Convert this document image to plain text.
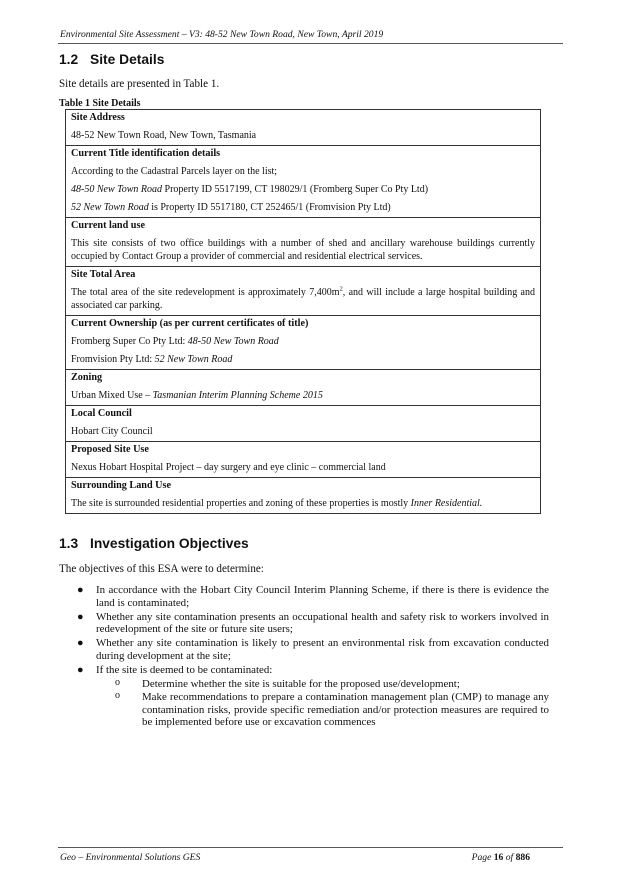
Environmental Site Assessment – V3: 48-52 New Town Road, New Town, April 2019
1.2 Site Details
Site details are presented in Table 1.
Table 1 Site Details
Site Address
48-52 New Town Road, New Town, Tasmania
Current Title identification details
According to the Cadastral Parcels layer on the list;
48-50 New Town Road Property ID 5517199, CT 198029/1 (Fromberg Super Co Pty Ltd)
52 New Town Road is Property ID 5517180, CT 252465/1 (Fromvision Pty Ltd)
Current land use
This site consists of two office buildings with a number of shed and ancillary warehouse buildings currently occupied by Contact Group a provider of commercial and residential electrical services.
Site Total Area
The total area of the site redevelopment is approximately $7,400m^2$, and will include a large hospital building and associated car parking.
Current Ownership (as per current certificates of title)
Fromberg Super Co Pty Ltd: 48-50 New Town Road
Fromvision Pty Ltd: 52 New Town Road
Zoning
Urban Mixed Use – Tasmanian Interim Planning Scheme 2015
Local Council
Hobart City Council
Proposed Site Use
Nexus Hobart Hospital Project – day surgery and eye clinic – commercial land
Surrounding Land Use
The site is surrounded residential properties and zoning of these properties is mostly Inner Residential.
1.3 Investigation Objectives
The objectives of this ESA were to determine:
● In accordance with the Hobart City Council Interim Planning Scheme, if there is there is evidence the land is contaminated;
● Whether any site contamination presents an occupational health and safety risk to workers involved in redevelopment of the site or future site users;
● Whether any site contamination is likely to present an environmental risk from excavation conducted during development at the site;
● If the site is deemed to be contaminated:
o Determine whether the site is suitable for the proposed use/development;
o Make recommendations to prepare a contamination management plan (CMP) to manage any contamination risks, provide specific remediation and/or protection measures are required to be implemented before use or excavation commences
Geo – Environmental Solutions GES	Page 16 of 886
